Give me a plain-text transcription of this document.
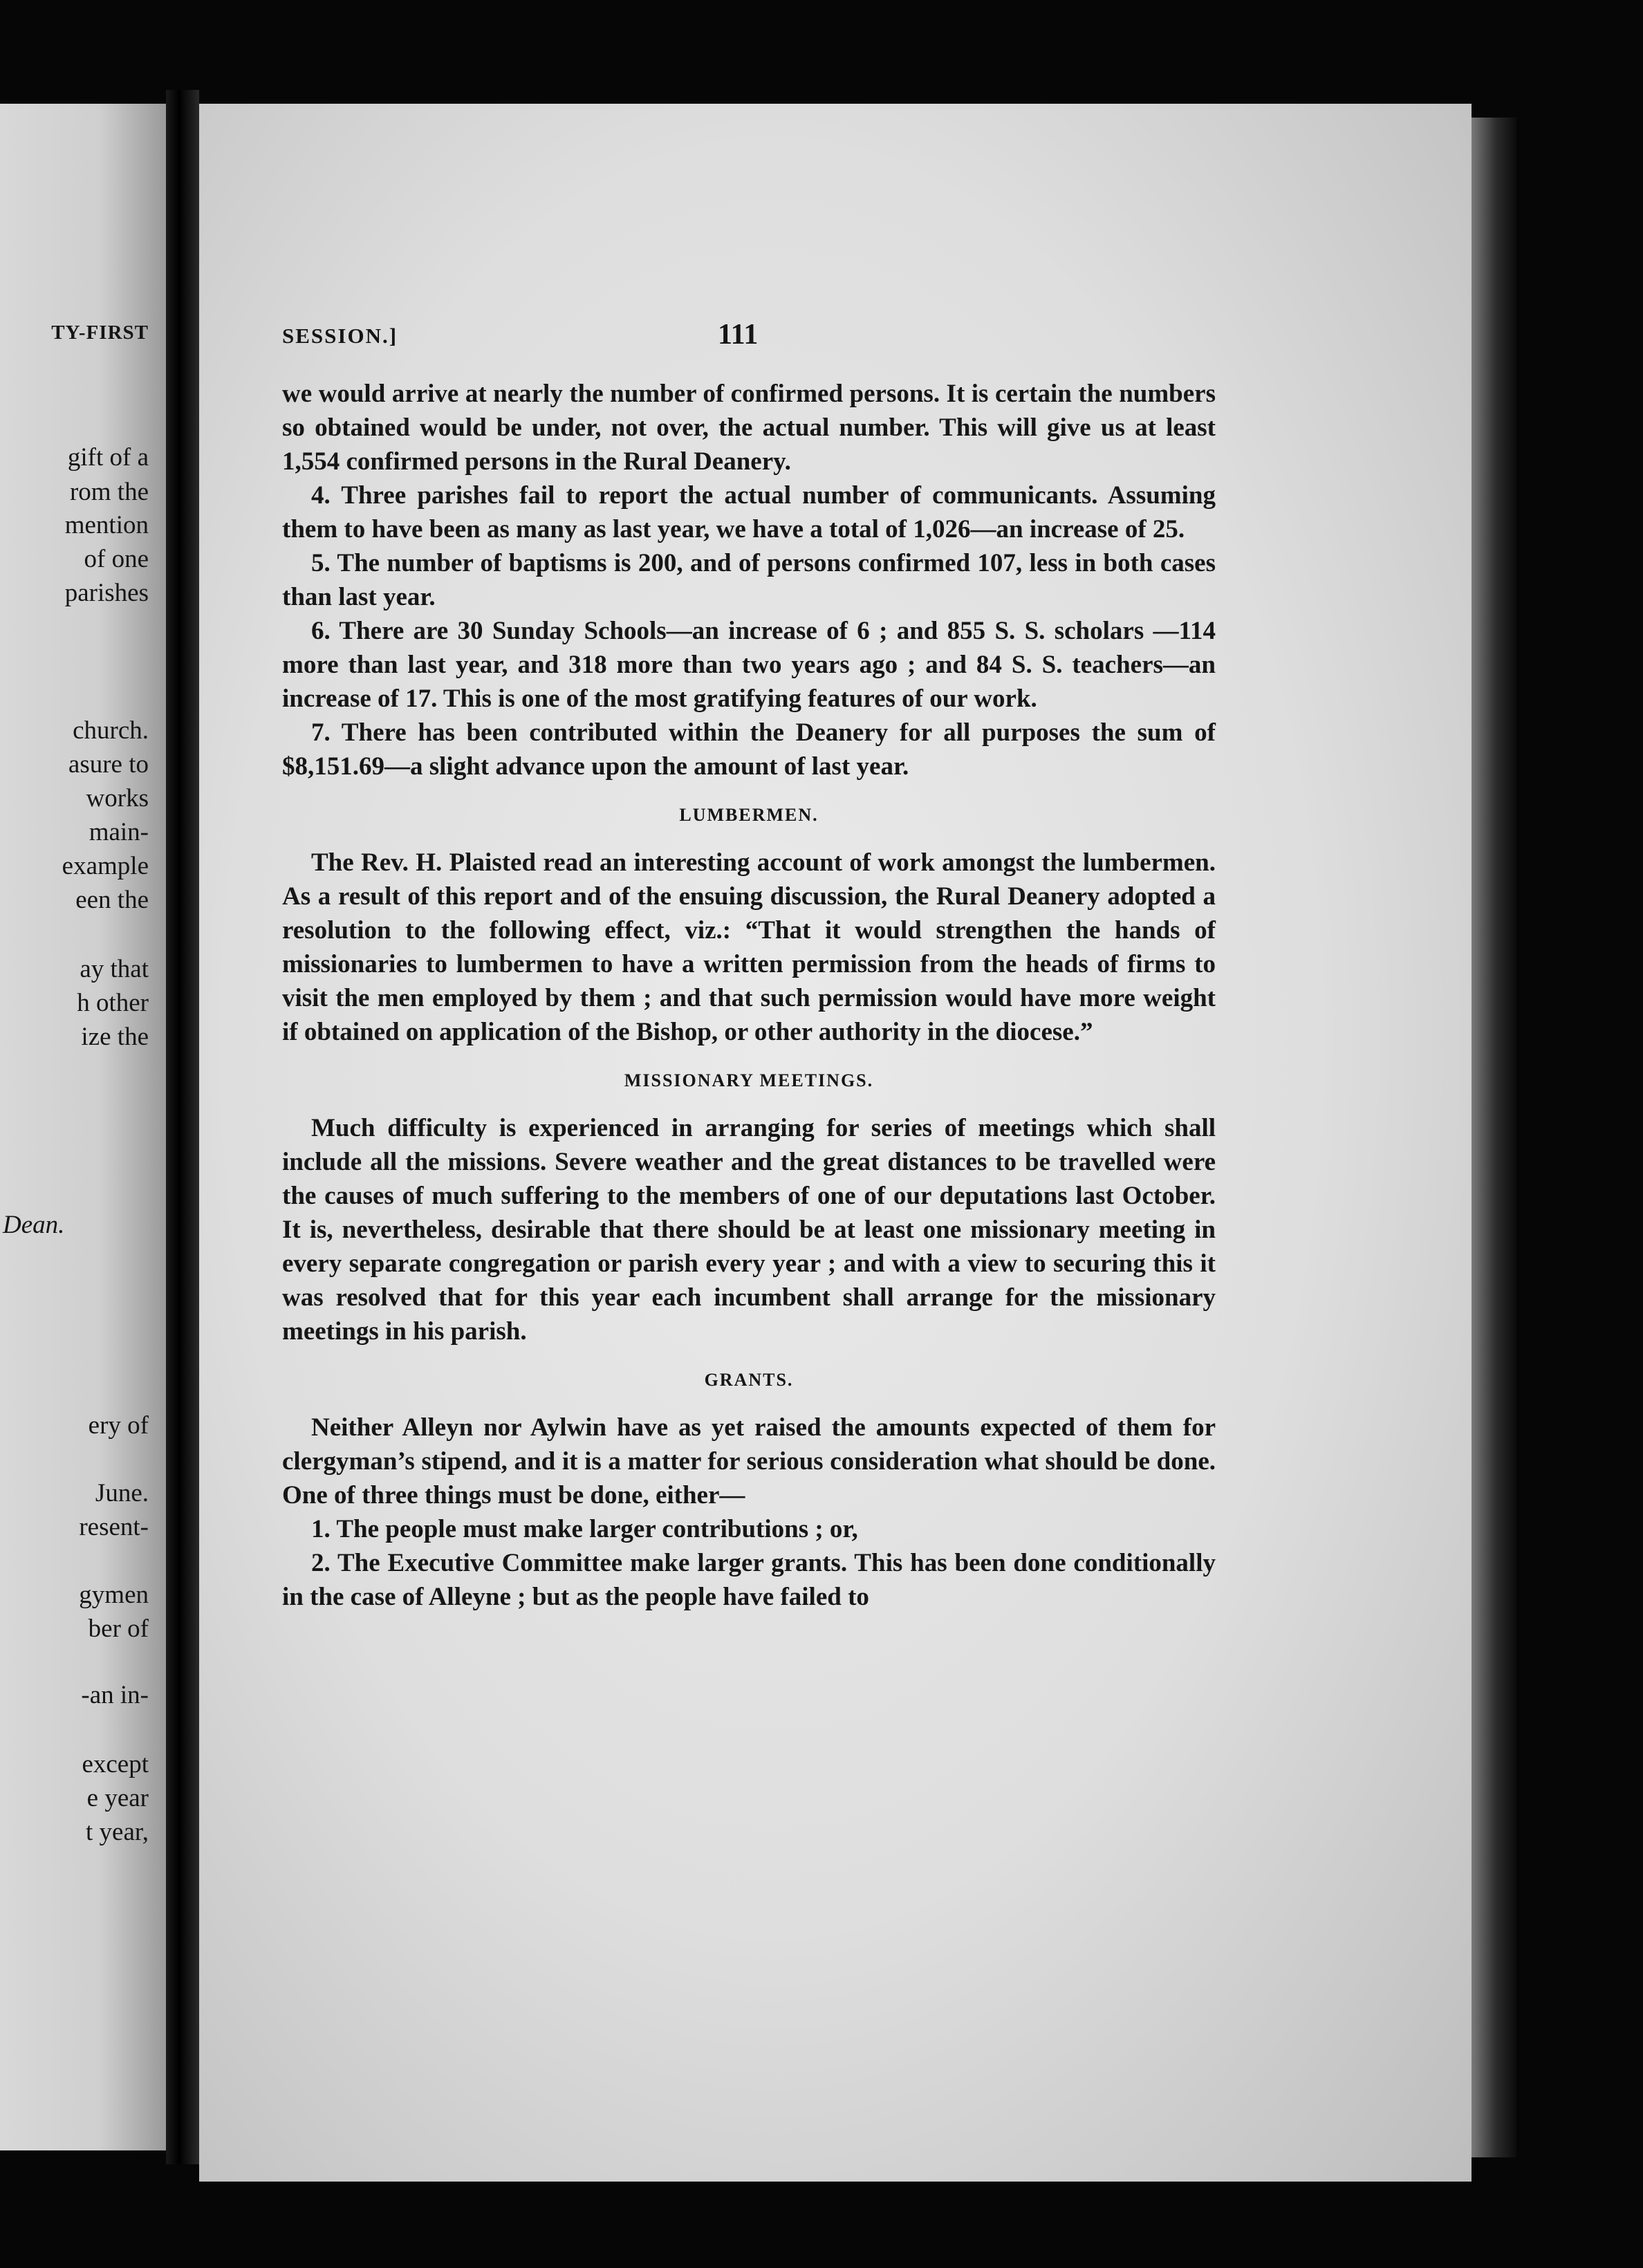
TY-FIRST
gift of a
rom the
mention
of one
parishes
church.
asure to
works
main-
example
een the
ay that
h other
ize the
Dean.
ery of
June.
resent-
gymen
ber of
-an in-
except
e year
t year,
SESSION.]	111

we would arrive at nearly the number of confirmed persons. It is certain the numbers so obtained would be under, not over, the actual number. This will give us at least 1,554 confirmed persons in the Rural Deanery.

4. Three parishes fail to report the actual number of communicants. Assuming them to have been as many as last year, we have a total of 1,026—an increase of 25.

5. The number of baptisms is 200, and of persons confirmed 107, less in both cases than last year.

6. There are 30 Sunday Schools—an increase of 6 ; and 855 S. S. scholars —114 more than last year, and 318 more than two years ago ; and 84 S. S. teachers—an increase of 17. This is one of the most gratifying features of our work.

7. There has been contributed within the Deanery for all purposes the sum of $8,151.69—a slight advance upon the amount of last year.

LUMBERMEN.

The Rev. H. Plaisted read an interesting account of work amongst the lumbermen. As a result of this report and of the ensuing discussion, the Rural Deanery adopted a resolution to the following effect, viz.: “That it would strengthen the hands of missionaries to lumbermen to have a written permission from the heads of firms to visit the men employed by them ; and that such permission would have more weight if obtained on application of the Bishop, or other authority in the diocese.”

MISSIONARY MEETINGS.

Much difficulty is experienced in arranging for series of meetings which shall include all the missions. Severe weather and the great distances to be travelled were the causes of much suffering to the members of one of our deputations last October. It is, nevertheless, desirable that there should be at least one missionary meeting in every separate congregation or parish every year ; and with a view to securing this it was resolved that for this year each incumbent shall arrange for the missionary meetings in his parish.

GRANTS.

Neither Alleyn nor Aylwin have as yet raised the amounts expected of them for clergyman’s stipend, and it is a matter for serious consideration what should be done. One of three things must be done, either—

1. The people must make larger contributions ; or,

2. The Executive Committee make larger grants. This has been done conditionally in the case of Alleyne ; but as the people have failed to
